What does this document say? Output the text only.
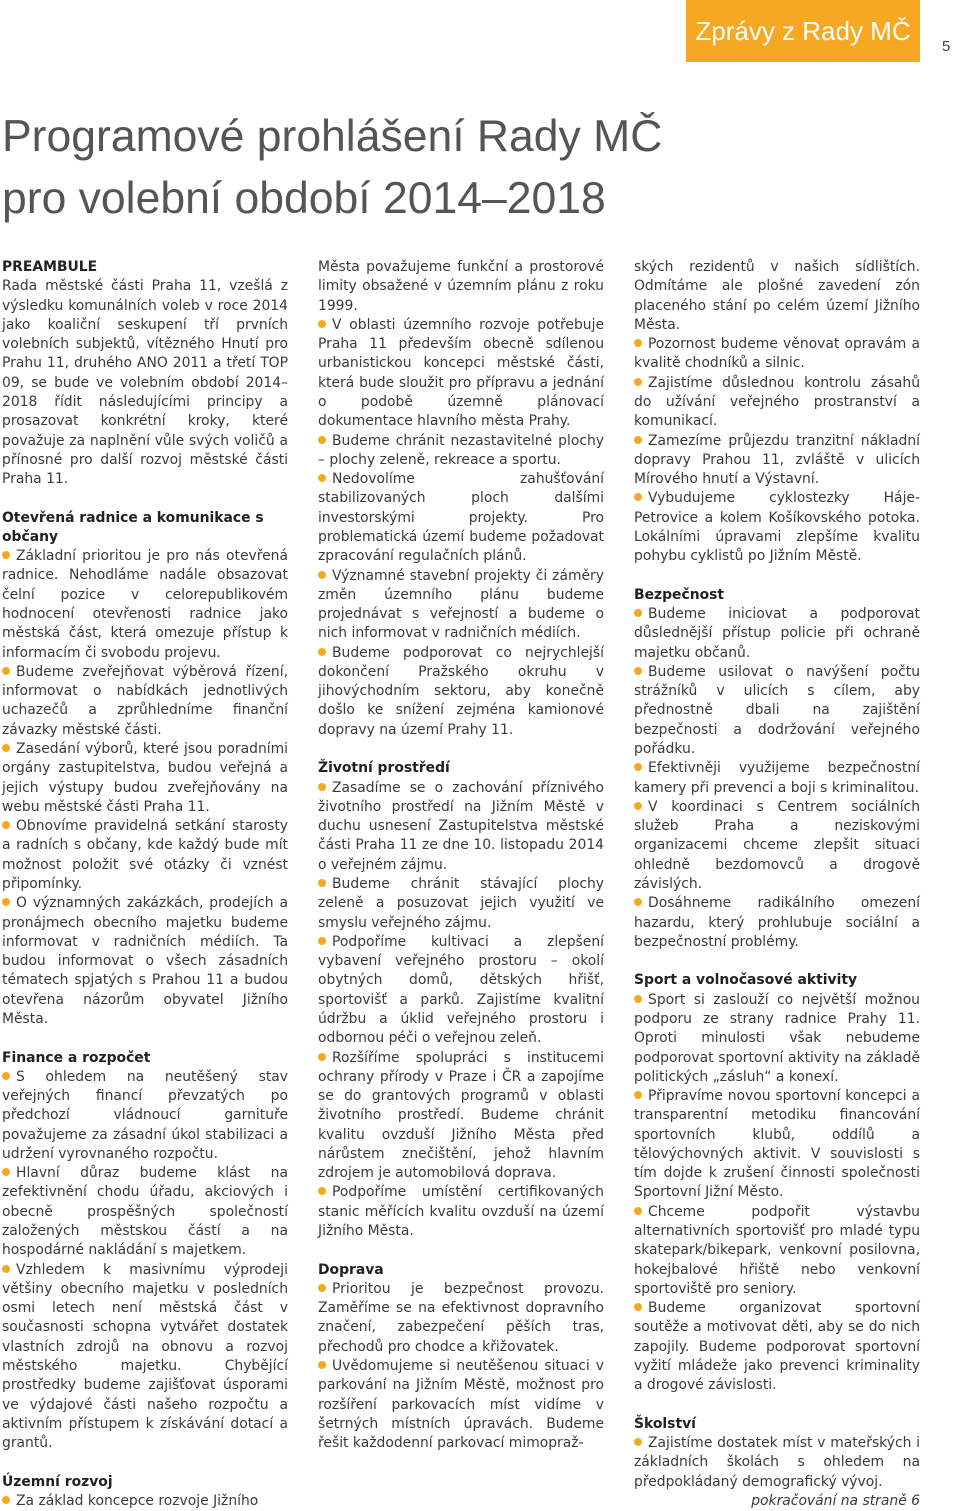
Zprávy z Rady MČ
5
Programové prohlášení Rady MČ
pro volební období 2014–2018
PREAMBULE

Rada městské části Praha 11, vzešlá z výsledku komunálních voleb v roce 2014 jako koaliční seskupení tří prvních volebních subjektů, vítězného Hnutí pro Prahu 11, druhého ANO 2011 a třetí TOP 09, se bude ve volebním období 2014–2018 řídit následujícími principy a prosazovat konkrétní kroky, které považuje za naplnění vůle svých voličů a přínosné pro další rozvoj městské části Praha 11.

Otevřená radnice a komunikace s občany

Základní prioritou je pro nás otevřená radnice. Nehodláme nadále obsazovat čelní pozice v celorepublikovém hodnocení otevřenosti radnice jako městská část, která omezuje přístup k informacím či svobodu projevu.

Budeme zveřejňovat výběrová řízení, informovat o nabídkách jednotlivých uchazečů a zprůhledníme finanční závazky městské části.

Zasedání výborů, které jsou poradními orgány zastupitelstva, budou veřejná a jejich výstupy budou zveřejňovány na webu městské části Praha 11.

Obnovíme pravidelná setkání starosty a radních s občany, kde každý bude mít možnost položit své otázky či vznést připomínky.

O významných zakázkách, prodejích a pronájmech obecního majetku budeme informovat v radničních médiích. Ta budou informovat o všech zásadních tématech spjatých s Prahou 11 a budou otevřena názorům obyvatel Jižního Města.

Finance a rozpočet

S ohledem na neutěšený stav veřejných financí převzatých po předchozí vládnoucí garnituře považujeme za zásadní úkol stabilizaci a udržení vyrovnaného rozpočtu.

Hlavní důraz budeme klást na zefektivnění chodu úřadu, akciových i obecně prospěšných společností založených městskou částí a na hospodárné nakládání s majetkem.

Vzhledem k masivnímu výprodeji většiny obecního majetku v posledních osmi letech není městská část v současnosti schopna vytvářet dostatek vlastních zdrojů na obnovu a rozvoj městského majetku. Chybějící prostředky budeme zajišťovat úsporami ve výdajové části našeho rozpočtu a aktivním přístupem k získávání dotací a grantů.

Územní rozvoj

Za základ koncepce rozvoje Jižního

Města považujeme funkční a prostorové limity obsažené v územním plánu z roku 1999.

V oblasti územního rozvoje potřebuje Praha 11 především obecně sdílenou urbanistickou koncepci městské části, která bude sloužit pro přípravu a jednání o podobě územně plánovací dokumentace hlavního města Prahy.

Budeme chránit nezastavitelné plochy – plochy zeleně, rekreace a sportu.

Nedovolíme zahušťování stabilizovaných ploch dalšími investorskými projekty. Pro problematická území budeme požadovat zpracování regulačních plánů.

Významné stavební projekty či záměry změn územního plánu budeme projednávat s veřejností a budeme o nich informovat v radničních médiích.

Budeme podporovat co nejrychlejší dokončení Pražského okruhu v jihovýchodním sektoru, aby konečně došlo ke snížení zejména kamionové dopravy na území Prahy 11.

Životní prostředí

Zasadíme se o zachování příznivého životního prostředí na Jižním Městě v duchu usnesení Zastupitelstva městské části Praha 11 ze dne 10. listopadu 2014 o veřejném zájmu.

Budeme chránit stávající plochy zeleně a posuzovat jejich využití ve smyslu veřejného zájmu.

Podpoříme kultivaci a zlepšení vybavení veřejného prostoru – okolí obytných domů, dětských hřišť, sportovišť a parků. Zajistíme kvalitní údržbu a úklid veřejného prostoru i odbornou péči o veřejnou zeleň.

Rozšíříme spolupráci s institucemi ochrany přírody v Praze i ČR a zapojíme se do grantových programů v oblasti životního prostředí. Budeme chránit kvalitu ovzduší Jižního Města před nárůstem znečištění, jehož hlavním zdrojem je automobilová doprava.

Podpoříme umístění certifikovaných stanic měřících kvalitu ovzduší na území Jižního Města.

Doprava

Prioritou je bezpečnost provozu. Zaměříme se na efektivnost dopravního značení, zabezpečení pěších tras, přechodů pro chodce a křižovatek.

Uvědomujeme si neutěšenou situaci v parkování na Jižním Městě, možnost pro rozšíření parkovacích míst vidíme v šetrných místních úpravách. Budeme řešit každodenní parkovací mimopraž-

ských rezidentů v našich sídlištích. Odmítáme ale plošné zavedení zón placeného stání po celém území Jižního Města.

Pozornost budeme věnovat opravám a kvalitě chodníků a silnic.

Zajistíme důslednou kontrolu zásahů do užívání veřejného prostranství a komunikací.

Zamezíme průjezdu tranzitní nákladní dopravy Prahou 11, zvláště v ulicích Mírového hnutí a Výstavní.

Vybudujeme cyklostezky Háje-Petrovice a kolem Košíkovského potoka. Lokálními úpravami zlepšíme kvalitu pohybu cyklistů po Jižním Městě.

Bezpečnost

Budeme iniciovat a podporovat důslednější přístup policie při ochraně majetku občanů.

Budeme usilovat o navýšení počtu strážníků v ulicích s cílem, aby přednostně dbali na zajištění bezpečnosti a dodržování veřejného pořádku.

Efektivněji využijeme bezpečnostní kamery při prevenci a boji s kriminalitou.

V koordinaci s Centrem sociálních služeb Praha a neziskovými organizacemi chceme zlepšit situaci ohledně bezdomovců a drogově závislých.

Dosáhneme radikálního omezení hazardu, který prohlubuje sociální a bezpečnostní problémy.

Sport a volnočasové aktivity

Sport si zaslouží co největší možnou podporu ze strany radnice Prahy 11. Oproti minulosti však nebudeme podporovat sportovní aktivity na základě politických „zásluh“ a konexí.

Připravíme novou sportovní koncepci a transparentní metodiku financování sportovních klubů, oddílů a tělovýchovných aktivit. V souvislosti s tím dojde k zrušení činnosti společnosti Sportovní Jižní Město.

Chceme podpořit výstavbu alternativních sportovišť pro mladé typu skatepark/bikepark, venkovní posilovna, hokejbalové hřiště nebo venkovní sportoviště pro seniory.

Budeme organizovat sportovní soutěže a motivovat děti, aby se do nich zapojily. Budeme podporovat sportovní vyžití mládeže jako prevenci kriminality a drogové závislosti.

Školství

Zajistíme dostatek míst v mateřských i základních školách s ohledem na předpokládaný demografický vývoj.

pokračování na straně 6
